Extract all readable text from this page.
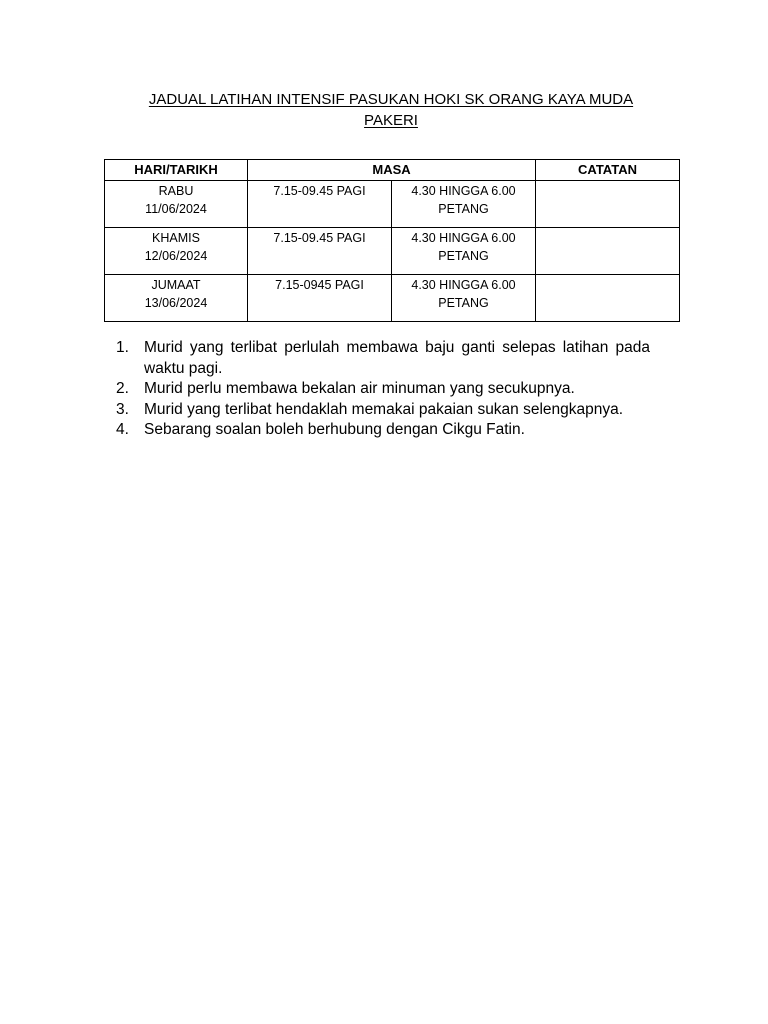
JADUAL LATIHAN INTENSIF PASUKAN HOKI SK ORANG KAYA MUDA
PAKERI
HARI/TARIKH	MASA		CATATAN

RABU
11/06/2024	7.15-09.45 PAGI	4.30 HINGGA 6.00
PETANG	

KHAMIS
12/06/2024	7.15-09.45 PAGI	4.30 HINGGA 6.00
PETANG	

JUMAAT
13/06/2024	7.15-0945 PAGI	4.30 HINGGA 6.00
PETANG	

1. Murid yang terlibat perlulah membawa baju ganti selepas latihan pada waktu pagi.
2. Murid perlu membawa bekalan air minuman yang secukupnya.
3. Murid yang terlibat hendaklah memakai pakaian sukan selengkapnya.
4. Sebarang soalan boleh berhubung dengan Cikgu Fatin.
